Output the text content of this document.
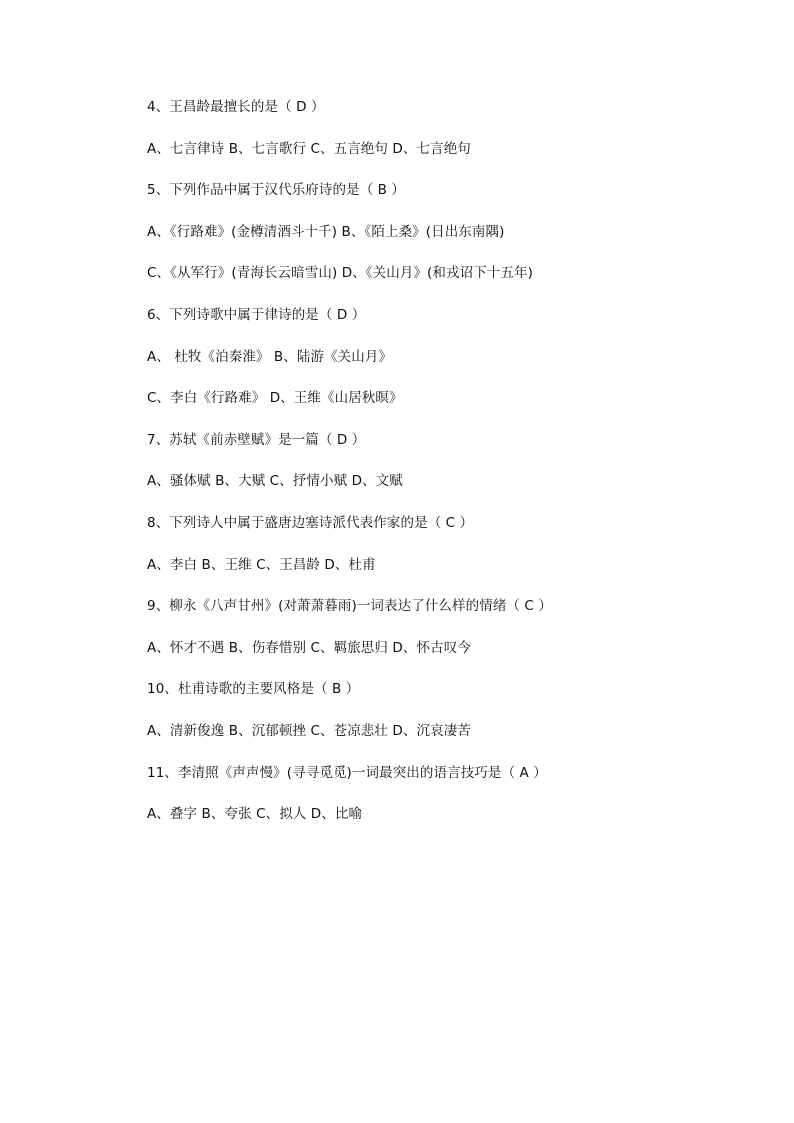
4、王昌龄最擅长的是（ D ）
A、七言律诗 B、七言歌行 C、五言绝句 D、七言绝句
5、下列作品中属于汉代乐府诗的是（ B ）
A、《行路难》(金樽清酒斗十千) B、《陌上桑》(日出东南隅)
C、《从军行》(青海长云暗雪山) D、《关山月》(和戎诏下十五年)
6、下列诗歌中属于律诗的是（ D ）
A、 杜牧《泊秦淮》 B、陆游《关山月》
C、李白《行路难》 D、王维《山居秋暝》
7、苏轼《前赤壁赋》是一篇（ D ）
A、骚体赋 B、大赋 C、抒情小赋 D、文赋
8、下列诗人中属于盛唐边塞诗派代表作家的是（ C ）
A、李白 B、王维 C、王昌龄 D、杜甫
9、柳永《八声甘州》(对萧萧暮雨)一词表达了什么样的情绪（ C ）
A、怀才不遇 B、伤春惜别 C、羁旅思归 D、怀古叹今
10、杜甫诗歌的主要风格是（ B ）
A、清新俊逸 B、沉郁顿挫 C、苍凉悲壮 D、沉哀凄苦
11、李清照《声声慢》(寻寻觅觅)一词最突出的语言技巧是（ A ）
A、叠字 B、夸张 C、拟人 D、比喻
